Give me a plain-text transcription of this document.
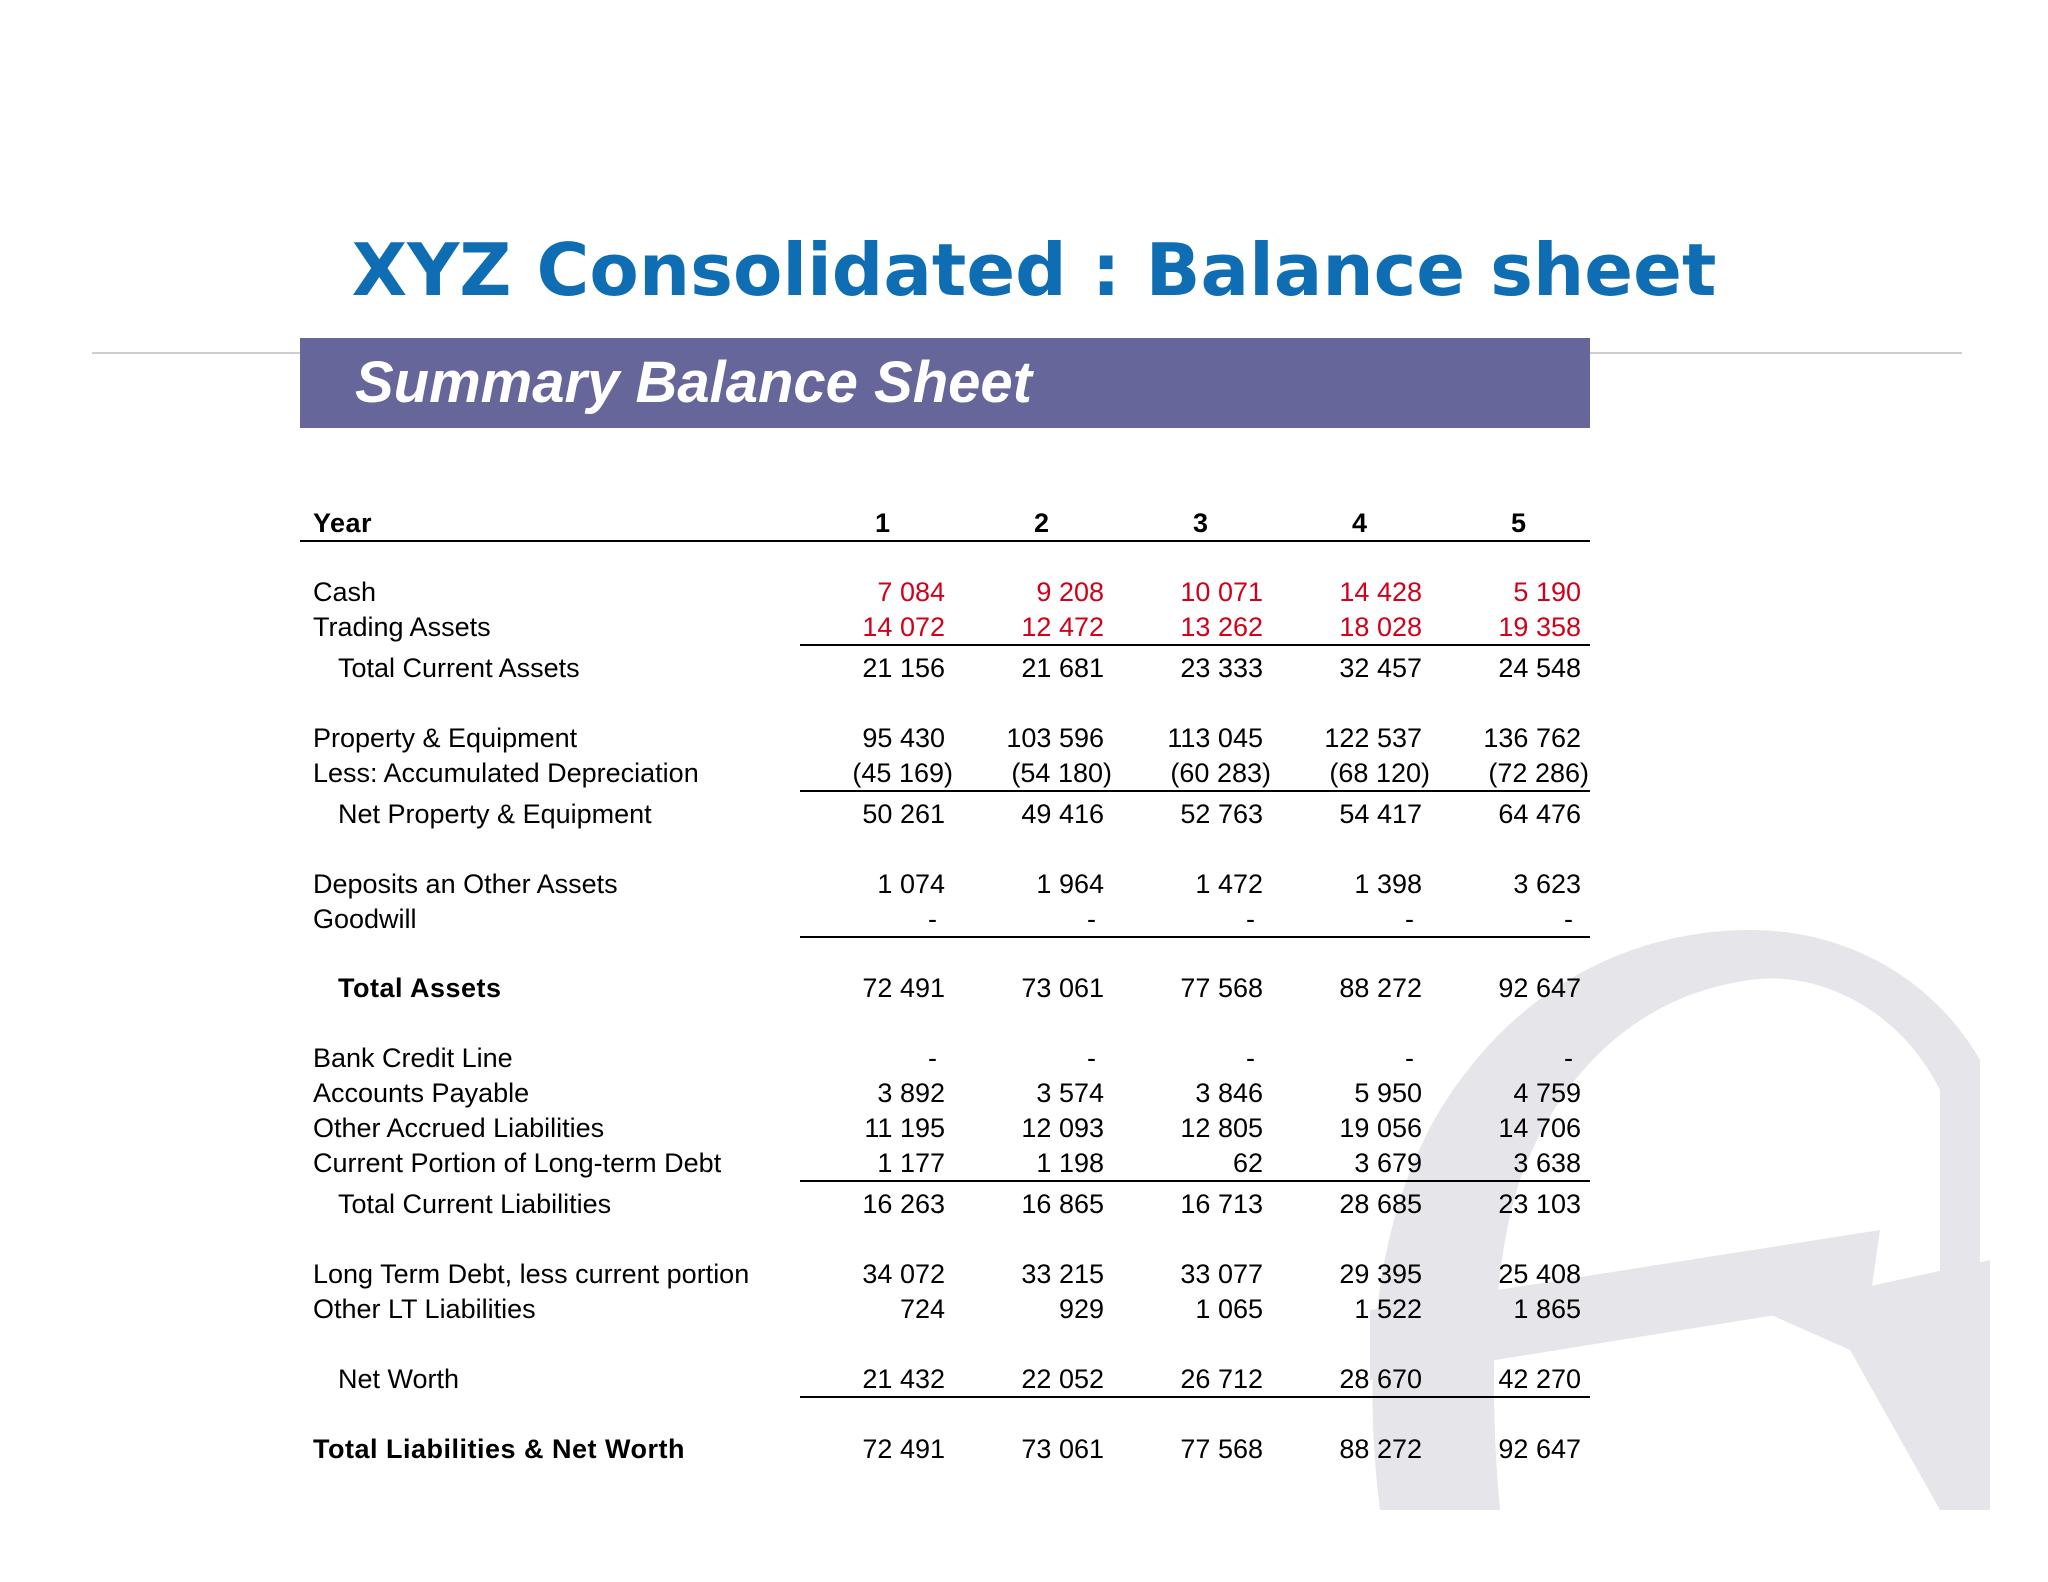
XYZ Consolidated : Balance sheet
Summary Balance Sheet
Year	1	2	3	4	5
Cash	7 084	9 208	10 071	14 428	5 190
Trading Assets	14 072	12 472	13 262	18 028	19 358
Total Current Assets	21 156	21 681	23 333	32 457	24 548
Property & Equipment	95 430	103 596	113 045	122 537	136 762
Less: Accumulated Depreciation	(45 169)	(54 180)	(60 283)	(68 120)	(72 286)
Net Property & Equipment	50 261	49 416	52 763	54 417	64 476
Deposits an Other Assets	1 074	1 964	1 472	1 398	3 623
Goodwill	-	-	-	-	-
Total Assets	72 491	73 061	77 568	88 272	92 647
Bank Credit Line	-	-	-	-	-
Accounts Payable	3 892	3 574	3 846	5 950	4 759
Other Accrued Liabilities	11 195	12 093	12 805	19 056	14 706
Current Portion of Long-term Debt	1 177	1 198	62	3 679	3 638
Total Current Liabilities	16 263	16 865	16 713	28 685	23 103
Long Term Debt, less current portion	34 072	33 215	33 077	29 395	25 408
Other LT Liabilities	724	929	1 065	1 522	1 865
Net Worth	21 432	22 052	26 712	28 670	42 270
Total Liabilities & Net Worth	72 491	73 061	77 568	88 272	92 647
